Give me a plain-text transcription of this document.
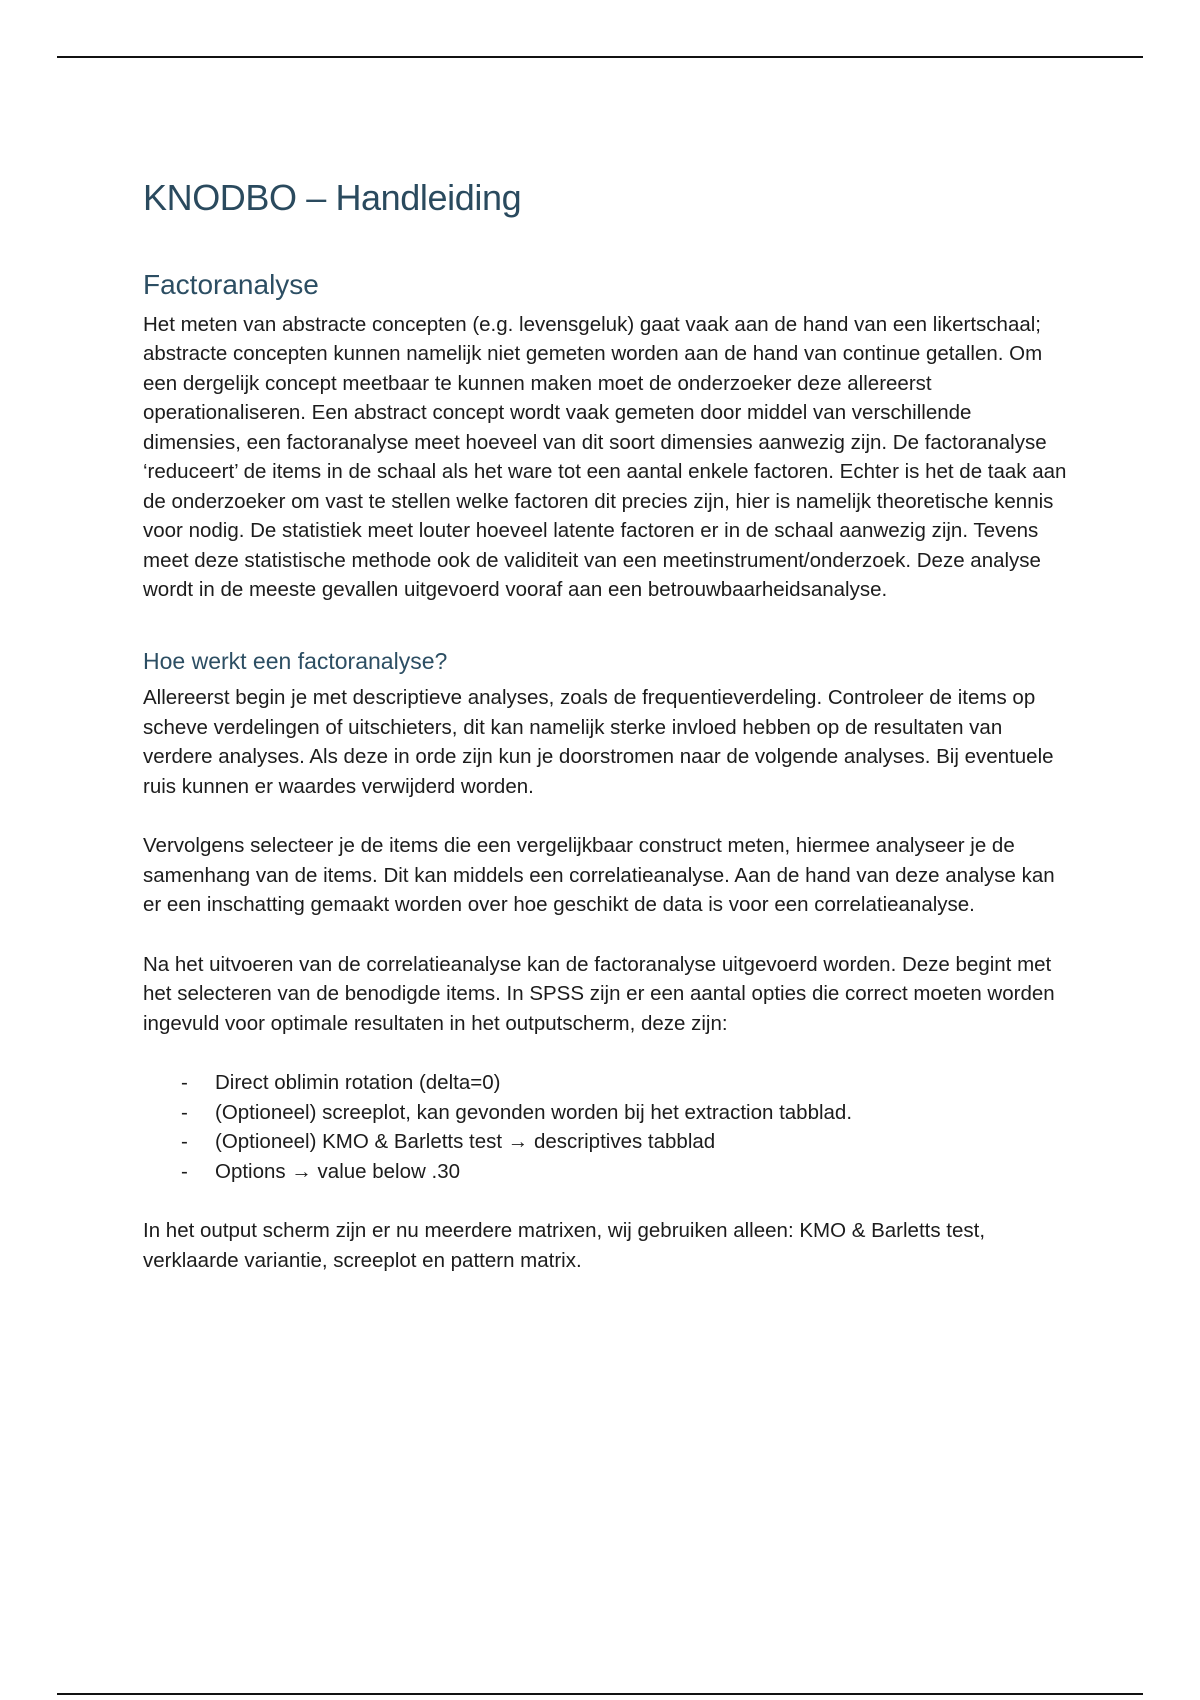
KNODBO – Handleiding
Factoranalyse

Het meten van abstracte concepten (e.g. levensgeluk) gaat vaak aan de hand van een likertschaal; abstracte concepten kunnen namelijk niet gemeten worden aan de hand van continue getallen. Om een dergelijk concept meetbaar te kunnen maken moet de onderzoeker deze allereerst operationaliseren. Een abstract concept wordt vaak gemeten door middel van verschillende dimensies, een factoranalyse meet hoeveel van dit soort dimensies aanwezig zijn. De factoranalyse ‘reduceert’ de items in de schaal als het ware tot een aantal enkele factoren. Echter is het de taak aan de onderzoeker om vast te stellen welke factoren dit precies zijn, hier is namelijk theoretische kennis voor nodig. De statistiek meet louter hoeveel latente factoren er in de schaal aanwezig zijn. Tevens meet deze statistische methode ook de validiteit van een meetinstrument/onderzoek. Deze analyse wordt in de meeste gevallen uitgevoerd vooraf aan een betrouwbaarheidsanalyse.

Hoe werkt een factoranalyse?

Allereerst begin je met descriptieve analyses, zoals de frequentieverdeling. Controleer de items op scheve verdelingen of uitschieters, dit kan namelijk sterke invloed hebben op de resultaten van verdere analyses. Als deze in orde zijn kun je doorstromen naar de volgende analyses. Bij eventuele ruis kunnen er waardes verwijderd worden.

Vervolgens selecteer je de items die een vergelijkbaar construct meten, hiermee analyseer je de samenhang van de items. Dit kan middels een correlatieanalyse. Aan de hand van deze analyse kan er een inschatting gemaakt worden over hoe geschikt de data is voor een correlatieanalyse.

Na het uitvoeren van de correlatieanalyse kan de factoranalyse uitgevoerd worden. Deze begint met het selecteren van de benodigde items. In SPSS zijn er een aantal opties die correct moeten worden ingevuld voor optimale resultaten in het outputscherm, deze zijn:

- Direct oblimin rotation (delta=0)
- (Optioneel) screeplot, kan gevonden worden bij het extraction tabblad.
- (Optioneel) KMO & Barletts test → descriptives tabblad
- Options → value below .30

In het output scherm zijn er nu meerdere matrixen, wij gebruiken alleen: KMO & Barletts test, verklaarde variantie, screeplot en pattern matrix.
